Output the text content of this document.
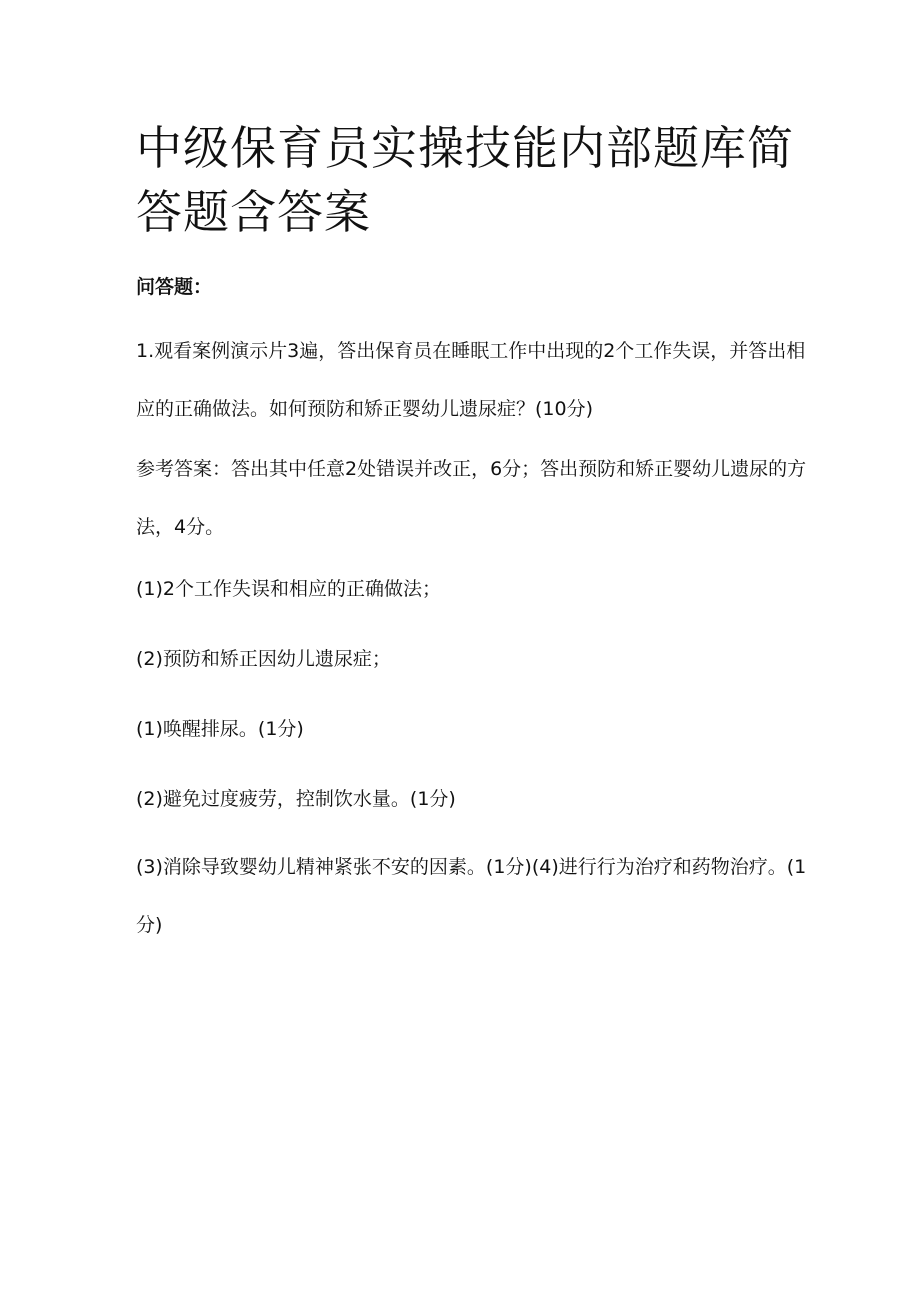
中级保育员实操技能内部题库简答题含答案

问答题：

1.观看案例演示片3遍，答出保育员在睡眠工作中出现的2个工作失误，并答出相应的正确做法。如何预防和矫正婴幼儿遗尿症？(10分)

参考答案：答出其中任意2处错误并改正，6分；答出预防和矫正婴幼儿遗尿的方法，4分。

(1)2个工作失误和相应的正确做法；

(2)预防和矫正因幼儿遗尿症；

(1)唤醒排尿。(1分)

(2)避免过度疲劳，控制饮水量。(1分)

(3)消除导致婴幼儿精神紧张不安的因素。(1分)(4)进行行为治疗和药物治疗。(1分)
